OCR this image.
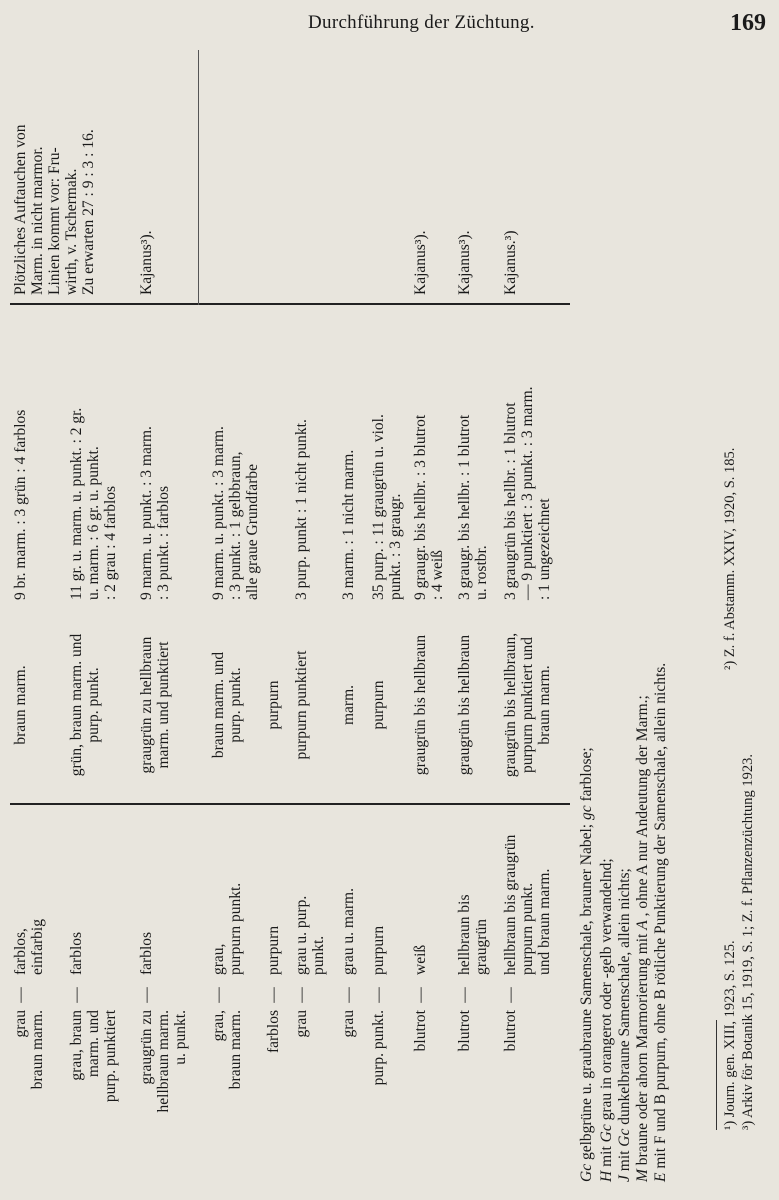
Durchführung der Züchtung.	169
grau
braun marm.
—
farblos,
einfarbig
braun marm.
9 br. marm. : 3 grün : 4 farblos
Plötzliches Auftauchen von
Marm. in nicht marmor.
Linien kommt vor: Fru-
wirth, v. Tschermak.
Zu erwarten 27 : 9 : 3 : 16.
grau, braun
marm. und
purp. punktiert
—
farblos
grün, braun marm. und
purp. punkt.
11 gr. u. marm. u. punkt. : 2 gr.
u. marm. : 6 gr. u. punkt.
: 2 grau : 4 farblos
graugrün zu
hellbraun marm.
u. punkt.
—
farblos
graugrün zu hellbraun
marm. und punktiert
9 marm. u. punkt. : 3 marm.
: 3 punkt. : farblos
Kajanus³).
grau,
braun marm.
—
grau,
purpurn punkt.
braun marm. und
purp. punkt.
9 marm. u. punkt. : 3 marm.
: 3 punkt. : 1 gelbbraun,
alle graue Grundfarbe
farblos
—
purpurn
purpurn
grau
—
grau u. purp.
punkt.
purpurn punktiert
3 purp. punkt : 1 nicht punkt.
grau
—
grau u. marm.
marm.
3 marm. : 1 nicht marm.
purp. punkt.
—
purpurn
purpurn
35 purp. : 11 graugrün u. viol.
punkt. : 3 graugr.
blutrot
—
weiß
graugrün bis hellbraun
9 graugr. bis hellbr. : 3 blutrot
: 4 weiß
Kajanus³).
blutrot
—
hellbraun bis
graugrün
graugrün bis hellbraun
3 graugr. bis hellbr. : 1 blutrot
u. rostbr.
Kajanus³).
blutrot
—
hellbraun bis graugrün
purpurn punkt.
und braun marm.
graugrün bis hellbraun,
purpurn punktiert und
braun marm.
3 graugrün bis hellbr. : 1 blutrot
— 9 punktiert : 3 punkt. : 3 marm.
: 1 ungezeichnet
Kajanus.³)
Gc gelbgrüne u. graubraune Samenschale, brauner Nabel; gc farblose;
H mit Gc grau in orangerot oder -gelb verwandelnd;
J mit Gc dunkelbraune Samenschale, allein nichts;
M braune oder ahorn Marmorierung mit A , ohne A nur Andeutung der Marm.;
E mit F und B purpurn, ohne B rötliche Punktierung der Samenschale, allein nichts.	¹) Journ. gen. XIII, 1923, S. 125.
²) Z. f. Abstamm. XXIV, 1920, S. 185.
³) Arkiv för Botanik 15, 1919, S. 1; Z. f. Pflanzenzüchtung 1923.
